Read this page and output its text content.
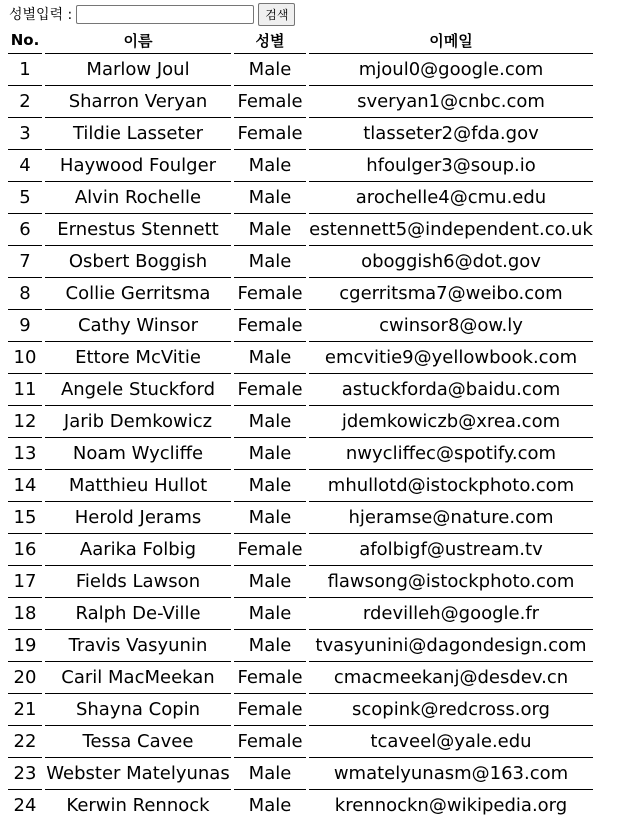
성별입력 :	검색
No.	이름	성별	이메일
1	Marlow Joul	Male	mjoul0@google.com
2	Sharron Veryan	Female	sveryan1@cnbc.com
3	Tildie Lasseter	Female	tlasseter2@fda.gov
4	Haywood Foulger	Male	hfoulger3@soup.io
5	Alvin Rochelle	Male	arochelle4@cmu.edu
6	Ernestus Stennett	Male	estennett5@independent.co.uk
7	Osbert Boggish	Male	oboggish6@dot.gov
8	Collie Gerritsma	Female	cgerritsma7@weibo.com
9	Cathy Winsor	Female	cwinsor8@ow.ly
10	Ettore McVitie	Male	emcvitie9@yellowbook.com
11	Angele Stuckford	Female	astuckforda@baidu.com
12	Jarib Demkowicz	Male	jdemkowiczb@xrea.com
13	Noam Wycliffe	Male	nwycliffec@spotify.com
14	Matthieu Hullot	Male	mhullotd@istockphoto.com
15	Herold Jerams	Male	hjeramse@nature.com
16	Aarika Folbig	Female	afolbigf@ustream.tv
17	Fields Lawson	Male	flawsong@istockphoto.com
18	Ralph De-Ville	Male	rdevilleh@google.fr
19	Travis Vasyunin	Male	tvasyunini@dagondesign.com
20	Caril MacMeekan	Female	cmacmeekanj@desdev.cn
21	Shayna Copin	Female	scopink@redcross.org
22	Tessa Cavee	Female	tcaveel@yale.edu
23	Webster Matelyunas	Male	wmatelyunasm@163.com
24	Kerwin Rennock	Male	krennockn@wikipedia.org
